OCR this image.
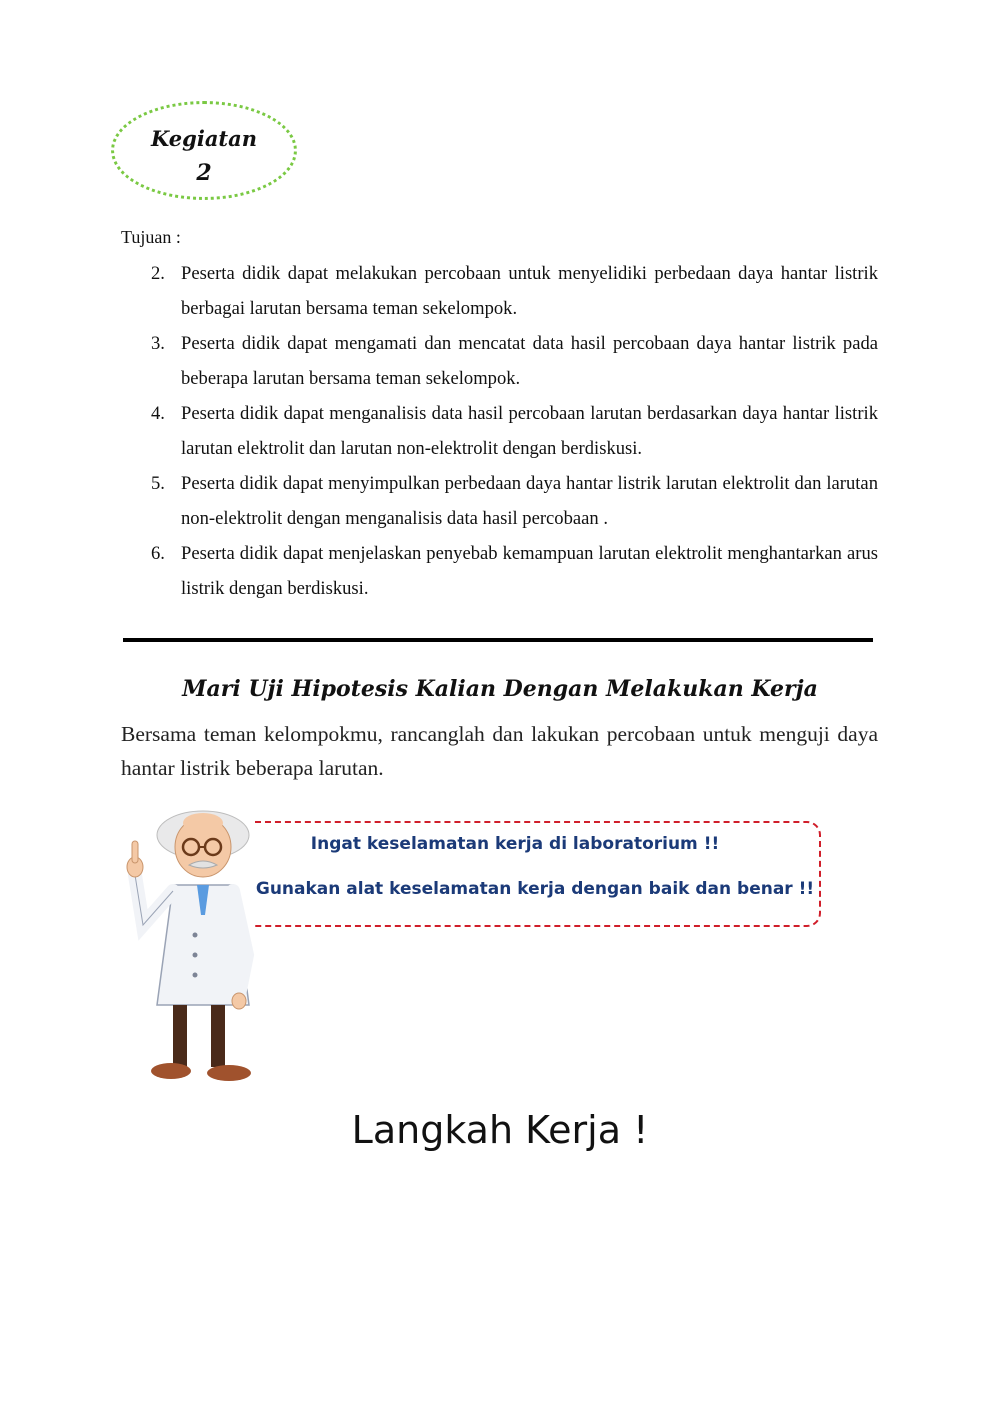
Kegiatan
2
Tujuan :
2. Peserta didik dapat melakukan percobaan untuk menyelidiki perbedaan daya hantar listrik berbagai larutan bersama teman sekelompok.
3. Peserta didik dapat mengamati dan mencatat data hasil percobaan daya hantar listrik pada beberapa larutan bersama teman sekelompok.
4. Peserta didik dapat menganalisis data hasil percobaan larutan berdasarkan daya hantar listrik larutan elektrolit dan larutan non-elektrolit dengan berdiskusi.
5. Peserta didik dapat menyimpulkan perbedaan daya hantar listrik larutan elektrolit dan larutan non-elektrolit dengan menganalisis data hasil percobaan .
6. Peserta didik dapat menjelaskan penyebab kemampuan larutan elektrolit menghantarkan arus listrik dengan berdiskusi.
Mari Uji Hipotesis Kalian Dengan Melakukan Kerja
Bersama teman kelompokmu, rancanglah dan lakukan percobaan untuk menguji daya hantar listrik beberapa larutan.
Ingat keselamatan kerja di laboratorium !!
Gunakan alat keselamatan kerja dengan baik dan benar !!
Langkah Kerja !
